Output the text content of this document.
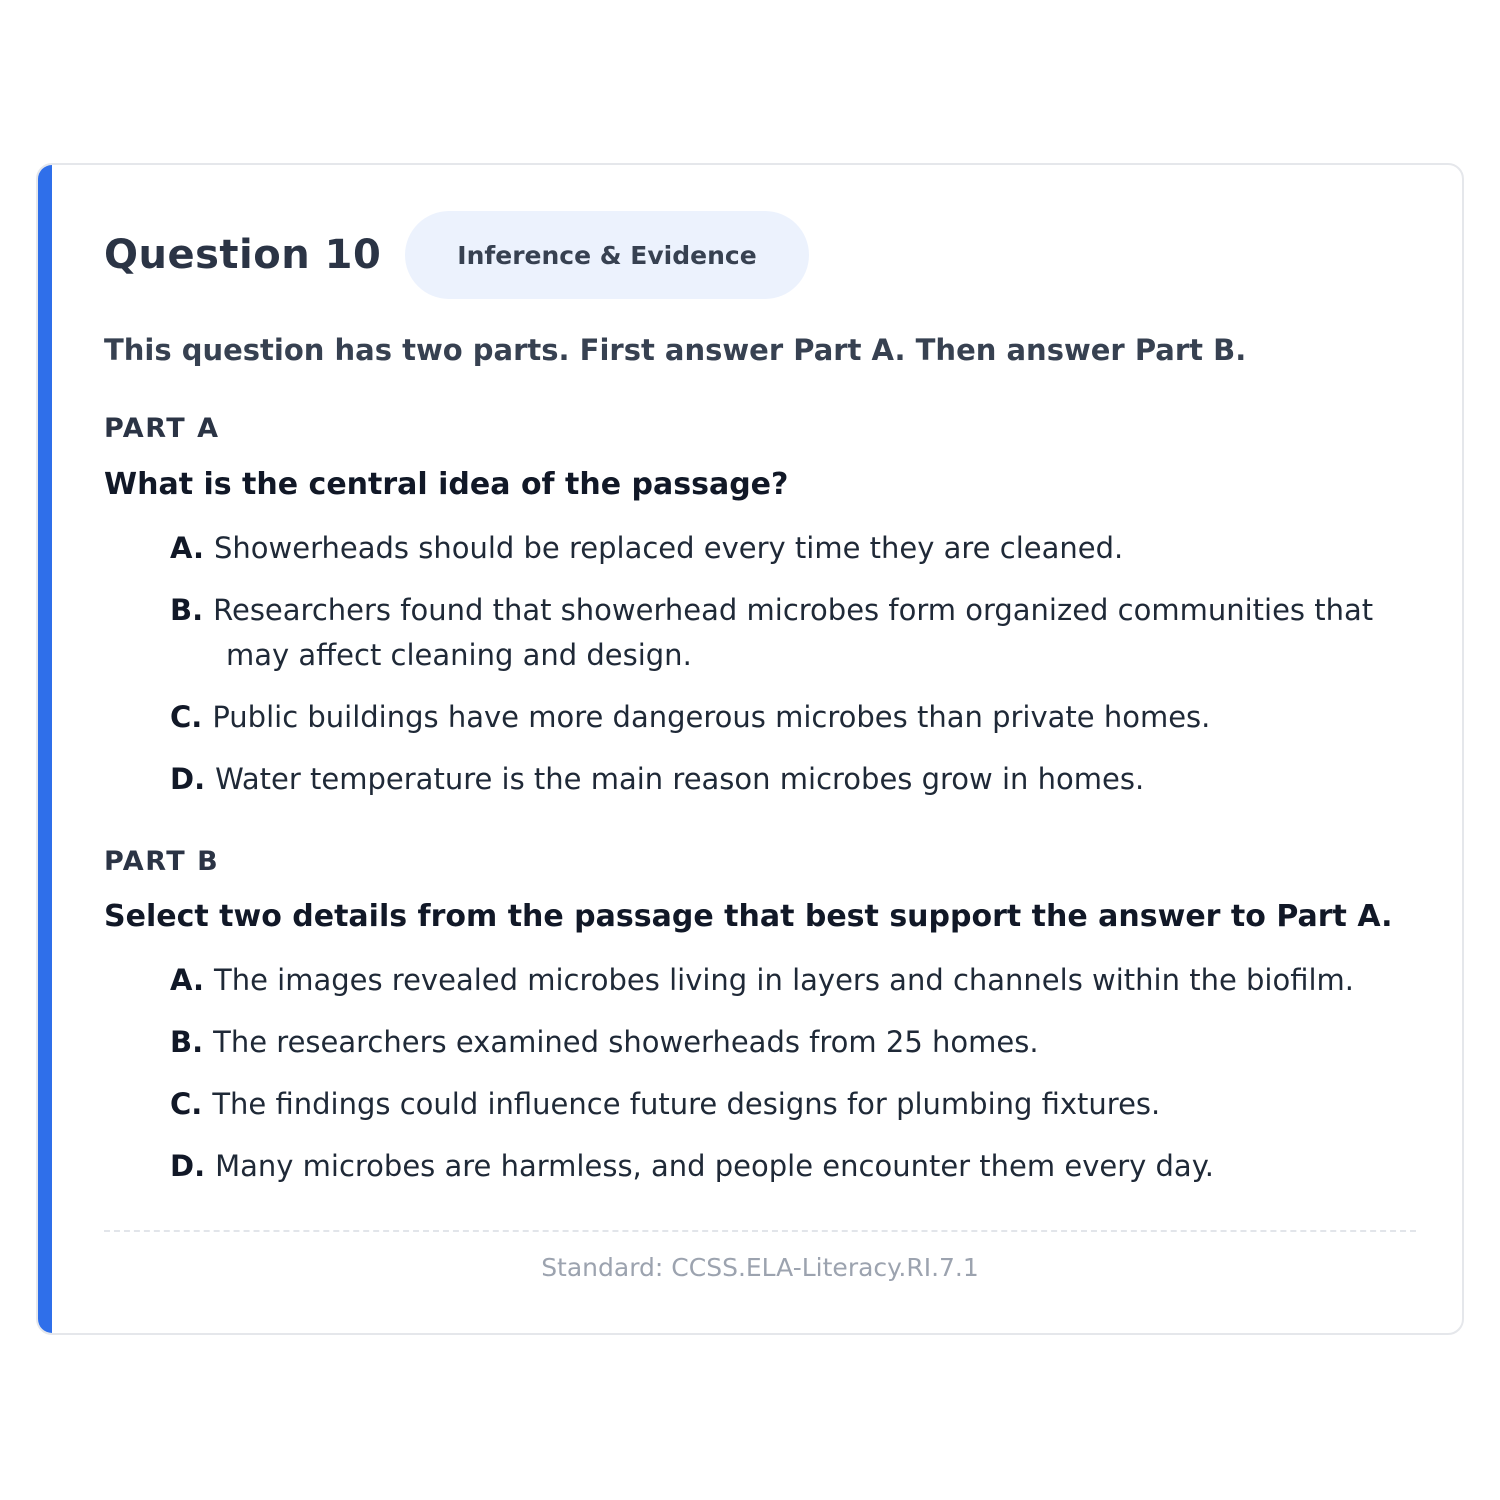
Question 10	Inference & Evidence
This question has two parts. First answer Part A. Then answer Part B.
PART A
What is the central idea of the passage?
A. Showerheads should be replaced every time they are cleaned.
B. Researchers found that showerhead microbes form organized communities that may affect cleaning and design.
C. Public buildings have more dangerous microbes than private homes.
D. Water temperature is the main reason microbes grow in homes.
PART B
Select two details from the passage that best support the answer to Part A.
A. The images revealed microbes living in layers and channels within the biofilm.
B. The researchers examined showerheads from 25 homes.
C. The findings could influence future designs for plumbing fixtures.
D. Many microbes are harmless, and people encounter them every day.
Standard: CCSS.ELA-Literacy.RI.7.1
